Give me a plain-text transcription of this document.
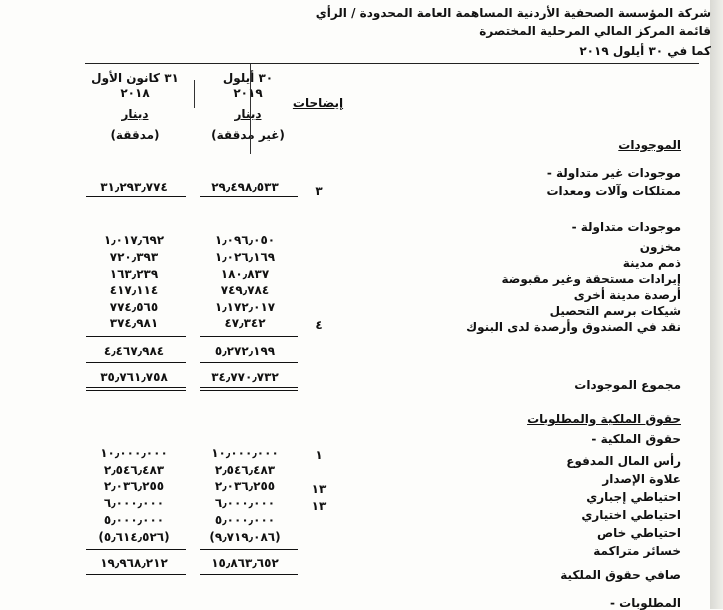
شركة المؤسسة الصحفية الأردنية المساهمة العامة المحدودة / الرأي
قائمة المركز المالي المرحلية المختصرة
كما في ٣٠ أيلول ٢٠١٩
إيضاحات
٣٠ أيلول
٢٠١٩
دينار
(غير مدققة)
٣١ كانون الأول
٢٠١٨
دينار
(مدققة)
الموجودات
موجودات غير متداولة -
ممتلكات وآلات ومعدات
٣
٢٩٫٤٩٨٫٥٣٣
٣١٫٢٩٣٫٧٧٤
موجودات متداولة -
مخزون
١٫٠٩٦٫٠٥٠
١٫٠١٧٫٦٩٢
ذمم مدينة
١٫٠٢٦٫١٦٩
٧٢٠٫٣٩٣
إيرادات مستحقة وغير مقبوضة
١٨٠٫٨٣٧
١٦٣٫٢٣٩
أرصدة مدينة أخرى
٧٤٩٫٧٨٤
٤١٧٫١١٤
شيكات برسم التحصيل
١٫١٧٢٫٠١٧
٧٧٤٫٥٦٥
نقد في الصندوق وأرصدة لدى البنوك
٤
٤٧٫٣٤٢
٣٧٤٫٩٨١
٥٫٢٧٢٫١٩٩
٤٫٤٦٧٫٩٨٤
٣٤٫٧٧٠٫٧٣٢
٣٥٫٧٦١٫٧٥٨
مجموع الموجودات
حقوق الملكية والمطلوبات
حقوق الملكية -
رأس المال المدفوع
١
١٠٫٠٠٠٫٠٠٠
١٠٫٠٠٠٫٠٠٠
علاوة الإصدار
٢٫٥٤٦٫٤٨٣
٢٫٥٤٦٫٤٨٣
احتياطي إجباري
١٣
٢٫٠٣٦٫٢٥٥
٢٫٠٣٦٫٢٥٥
احتياطي اختياري
١٣
٦٫٠٠٠٫٠٠٠
٦٫٠٠٠٫٠٠٠
احتياطي خاص
٥٫٠٠٠٫٠٠٠
٥٫٠٠٠٫٠٠٠
خسائر متراكمة
(٩٫٧١٩٫٠٨٦)
(٥٫٦١٤٫٥٢٦)
١٥٫٨٦٣٫٦٥٢
١٩٫٩٦٨٫٢١٢
صافي حقوق الملكية
المطلوبات -
